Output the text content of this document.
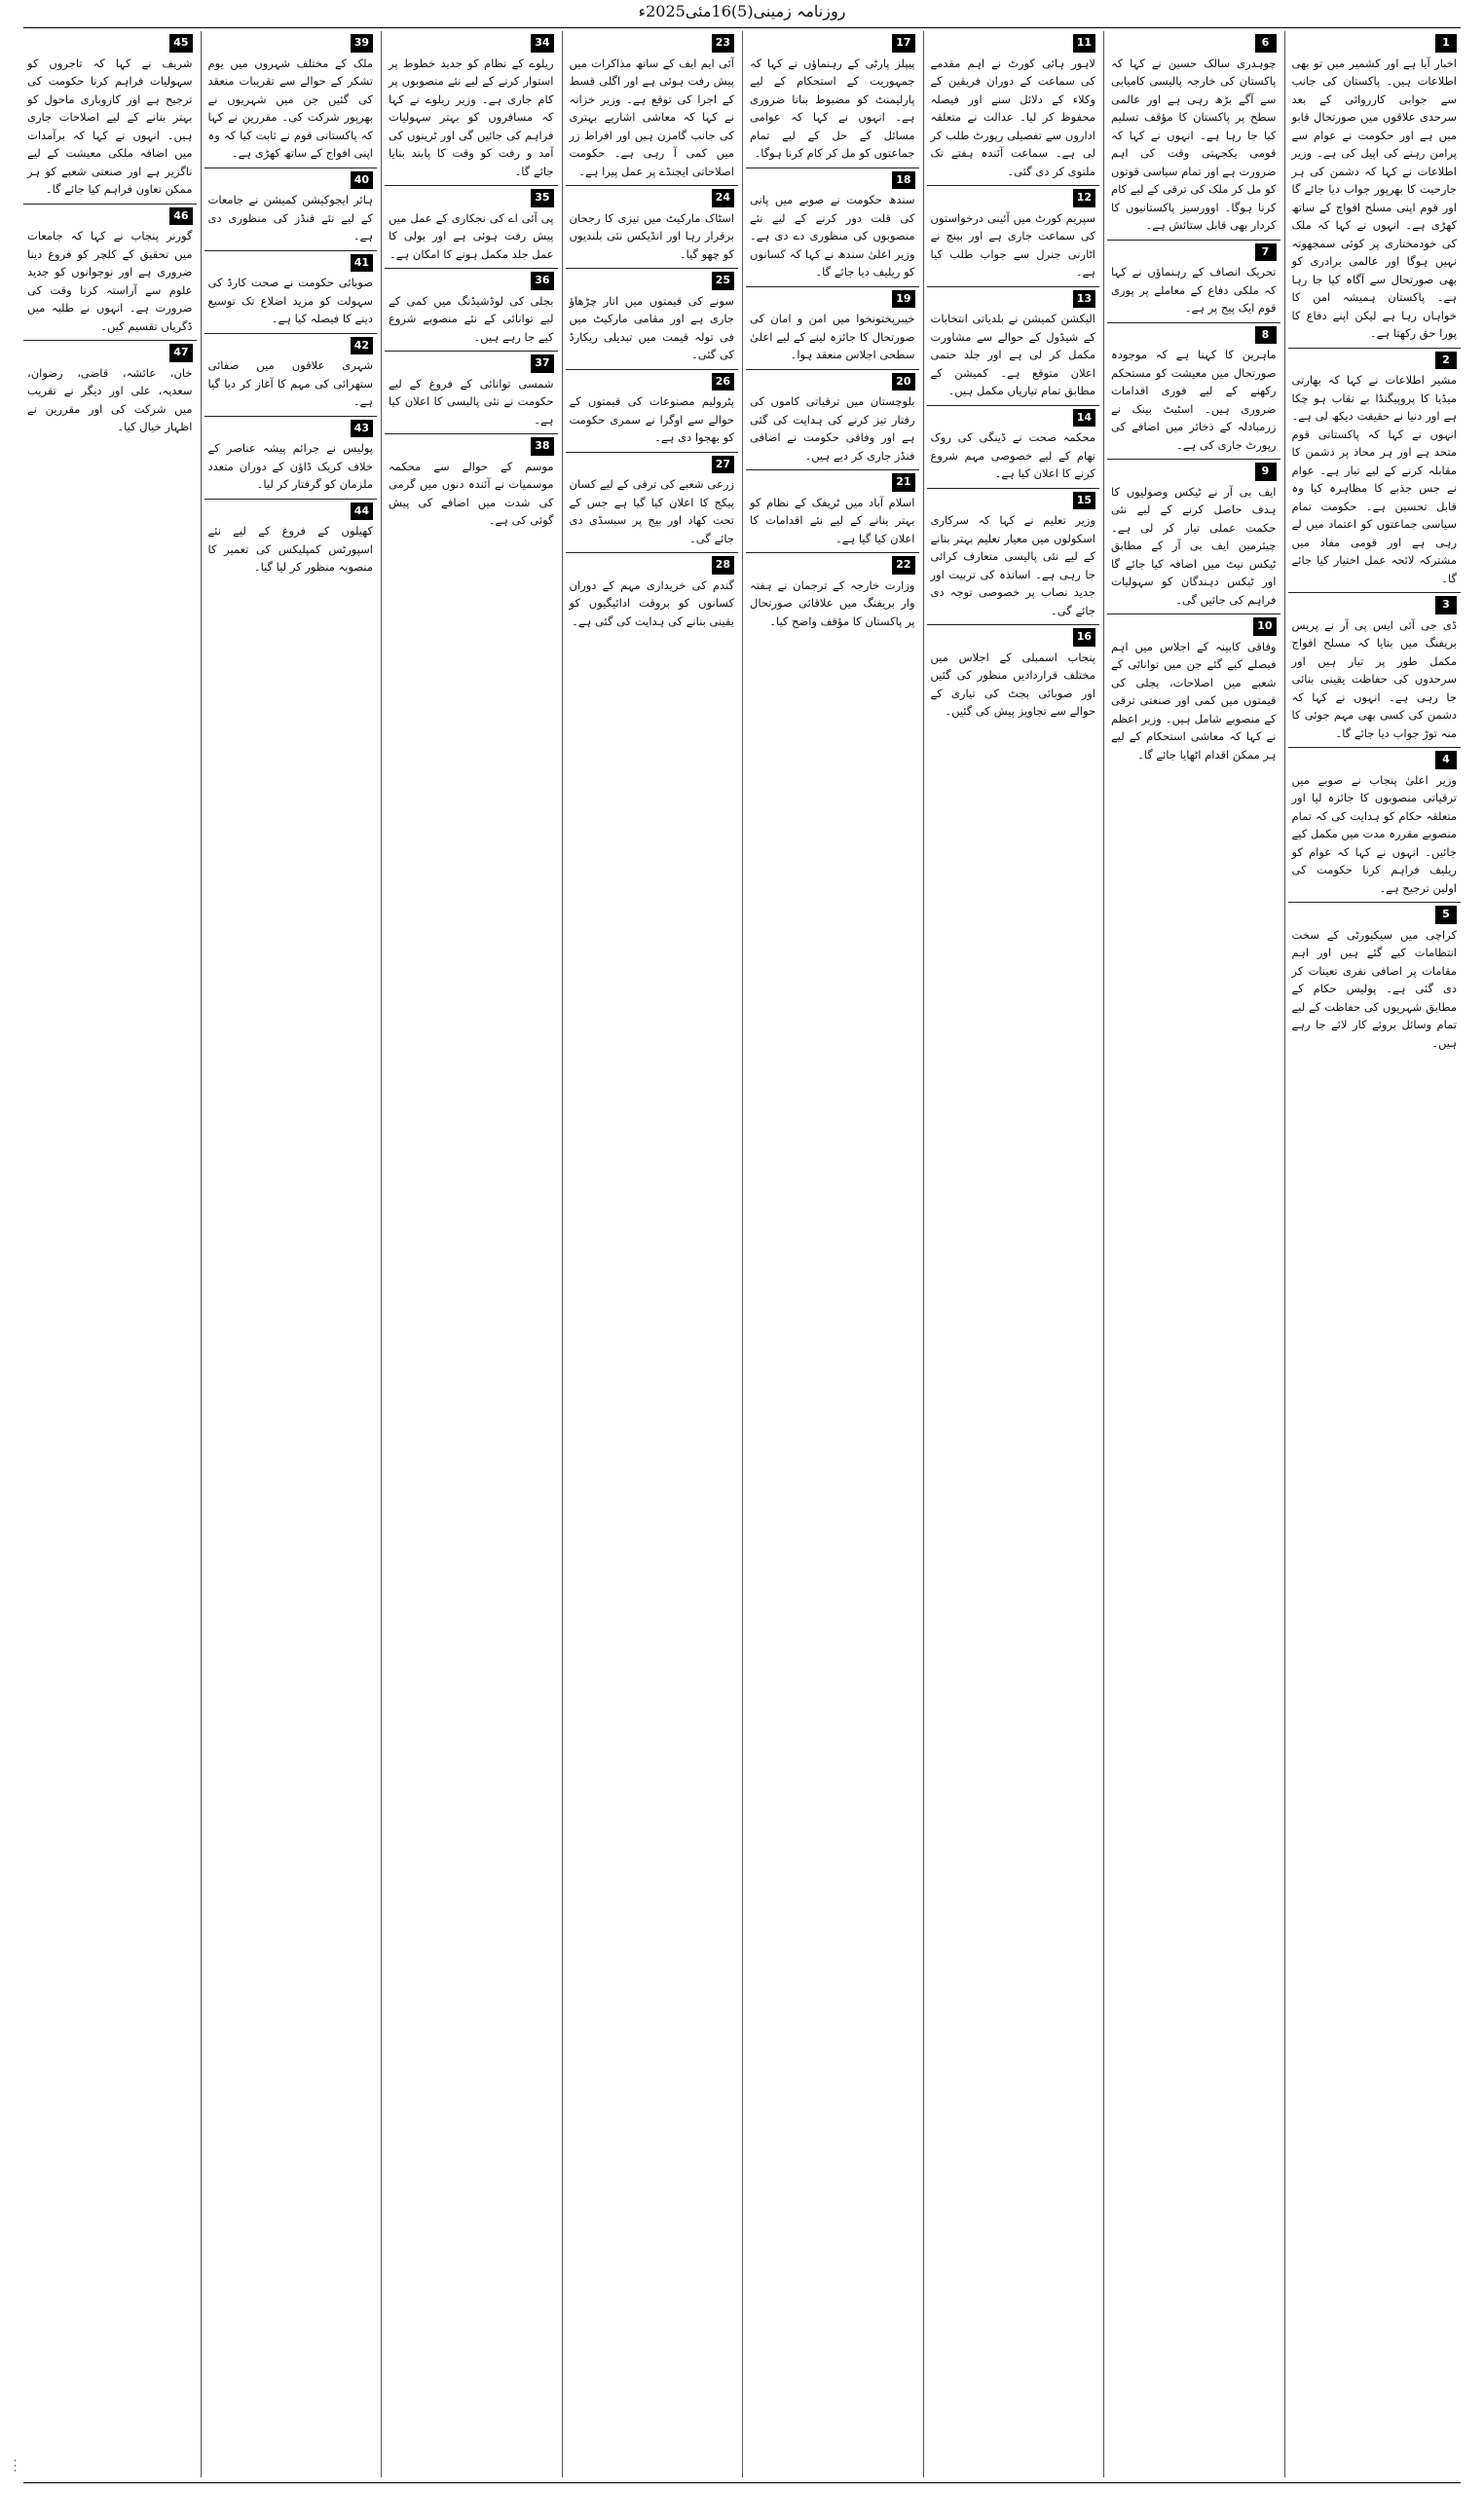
روزنامہ زمینی(5)16مئی2025ء
1
اخبار آیا ہے اور کشمیر میں تو بھی اطلاعات ہیں۔ پاکستان کی جانب سے جوابی کارروائی کے بعد سرحدی علاقوں میں صورتحال قابو میں ہے اور حکومت نے عوام سے پرامن رہنے کی اپیل کی ہے۔ وزیر اطلاعات نے کہا کہ دشمن کی ہر جارحیت کا بھرپور جواب دیا جائے گا اور قوم اپنی مسلح افواج کے ساتھ کھڑی ہے۔ انہوں نے کہا کہ ملک کی خودمختاری پر کوئی سمجھوتہ نہیں ہوگا اور عالمی برادری کو بھی صورتحال سے آگاہ کیا جا رہا ہے۔ پاکستان ہمیشہ امن کا خواہاں رہا ہے لیکن اپنے دفاع کا پورا حق رکھتا ہے۔
2
مشیر اطلاعات نے کہا کہ بھارتی میڈیا کا پروپیگنڈا بے نقاب ہو چکا ہے اور دنیا نے حقیقت دیکھ لی ہے۔ انہوں نے کہا کہ پاکستانی قوم متحد ہے اور ہر محاذ پر دشمن کا مقابلہ کرنے کے لیے تیار ہے۔ عوام نے جس جذبے کا مظاہرہ کیا وہ قابل تحسین ہے۔ حکومت تمام سیاسی جماعتوں کو اعتماد میں لے رہی ہے اور قومی مفاد میں مشترکہ لائحہ عمل اختیار کیا جائے گا۔
3
ڈی جی آئی ایس پی آر نے پریس بریفنگ میں بتایا کہ مسلح افواج مکمل طور پر تیار ہیں اور سرحدوں کی حفاظت یقینی بنائی جا رہی ہے۔ انہوں نے کہا کہ دشمن کی کسی بھی مہم جوئی کا منہ توڑ جواب دیا جائے گا۔
4
وزیر اعلیٰ پنجاب نے صوبے میں ترقیاتی منصوبوں کا جائزہ لیا اور متعلقہ حکام کو ہدایت کی کہ تمام منصوبے مقررہ مدت میں مکمل کیے جائیں۔ انہوں نے کہا کہ عوام کو ریلیف فراہم کرنا حکومت کی اولین ترجیح ہے۔
5
کراچی میں سیکیورٹی کے سخت انتظامات کیے گئے ہیں اور اہم مقامات پر اضافی نفری تعینات کر دی گئی ہے۔ پولیس حکام کے مطابق شہریوں کی حفاظت کے لیے تمام وسائل بروئے کار لائے جا رہے ہیں۔
6
چوہدری سالک حسین نے کہا کہ پاکستان کی خارجہ پالیسی کامیابی سے آگے بڑھ رہی ہے اور عالمی سطح پر پاکستان کا مؤقف تسلیم کیا جا رہا ہے۔ انہوں نے کہا کہ قومی یکجہتی وقت کی اہم ضرورت ہے اور تمام سیاسی قوتوں کو مل کر ملک کی ترقی کے لیے کام کرنا ہوگا۔ اوورسیز پاکستانیوں کا کردار بھی قابل ستائش ہے۔
7
تحریک انصاف کے رہنماؤں نے کہا کہ ملکی دفاع کے معاملے پر پوری قوم ایک پیج پر ہے۔
8
ماہرین کا کہنا ہے کہ موجودہ صورتحال میں معیشت کو مستحکم رکھنے کے لیے فوری اقدامات ضروری ہیں۔ اسٹیٹ بینک نے زرمبادلہ کے ذخائر میں اضافے کی رپورٹ جاری کی ہے۔
9
ایف بی آر نے ٹیکس وصولیوں کا ہدف حاصل کرنے کے لیے نئی حکمت عملی تیار کر لی ہے۔ چیئرمین ایف بی آر کے مطابق ٹیکس نیٹ میں اضافہ کیا جائے گا اور ٹیکس دہندگان کو سہولیات فراہم کی جائیں گی۔
10
وفاقی کابینہ کے اجلاس میں اہم فیصلے کیے گئے جن میں توانائی کے شعبے میں اصلاحات، بجلی کی قیمتوں میں کمی اور صنعتی ترقی کے منصوبے شامل ہیں۔ وزیر اعظم نے کہا کہ معاشی استحکام کے لیے ہر ممکن اقدام اٹھایا جائے گا۔
11
لاہور ہائی کورٹ نے اہم مقدمے کی سماعت کے دوران فریقین کے وکلاء کے دلائل سنے اور فیصلہ محفوظ کر لیا۔ عدالت نے متعلقہ اداروں سے تفصیلی رپورٹ طلب کر لی ہے۔ سماعت آئندہ ہفتے تک ملتوی کر دی گئی۔
12
سپریم کورٹ میں آئینی درخواستوں کی سماعت جاری ہے اور بینچ نے اٹارنی جنرل سے جواب طلب کیا ہے۔
13
الیکشن کمیشن نے بلدیاتی انتخابات کے شیڈول کے حوالے سے مشاورت مکمل کر لی ہے اور جلد حتمی اعلان متوقع ہے۔ کمیشن کے مطابق تمام تیاریاں مکمل ہیں۔
14
محکمہ صحت نے ڈینگی کی روک تھام کے لیے خصوصی مہم شروع کرنے کا اعلان کیا ہے۔
15
وزیر تعلیم نے کہا کہ سرکاری اسکولوں میں معیار تعلیم بہتر بنانے کے لیے نئی پالیسی متعارف کرائی جا رہی ہے۔ اساتذہ کی تربیت اور جدید نصاب پر خصوصی توجہ دی جائے گی۔
16
پنجاب اسمبلی کے اجلاس میں مختلف قراردادیں منظور کی گئیں اور صوبائی بجٹ کی تیاری کے حوالے سے تجاویز پیش کی گئیں۔
17
پیپلز پارٹی کے رہنماؤں نے کہا کہ جمہوریت کے استحکام کے لیے پارلیمنٹ کو مضبوط بنانا ضروری ہے۔ انہوں نے کہا کہ عوامی مسائل کے حل کے لیے تمام جماعتوں کو مل کر کام کرنا ہوگا۔
18
سندھ حکومت نے صوبے میں پانی کی قلت دور کرنے کے لیے نئے منصوبوں کی منظوری دے دی ہے۔ وزیر اعلیٰ سندھ نے کہا کہ کسانوں کو ریلیف دیا جائے گا۔
19
خیبرپختونخوا میں امن و امان کی صورتحال کا جائزہ لینے کے لیے اعلیٰ سطحی اجلاس منعقد ہوا۔
20
بلوچستان میں ترقیاتی کاموں کی رفتار تیز کرنے کی ہدایت کی گئی ہے اور وفاقی حکومت نے اضافی فنڈز جاری کر دیے ہیں۔
21
اسلام آباد میں ٹریفک کے نظام کو بہتر بنانے کے لیے نئے اقدامات کا اعلان کیا گیا ہے۔
22
وزارت خارجہ کے ترجمان نے ہفتہ وار بریفنگ میں علاقائی صورتحال پر پاکستان کا مؤقف واضح کیا۔
23
آئی ایم ایف کے ساتھ مذاکرات میں پیش رفت ہوئی ہے اور اگلی قسط کے اجرا کی توقع ہے۔ وزیر خزانہ نے کہا کہ معاشی اشاریے بہتری کی جانب گامزن ہیں اور افراط زر میں کمی آ رہی ہے۔ حکومت اصلاحاتی ایجنڈے پر عمل پیرا ہے۔
24
اسٹاک مارکیٹ میں تیزی کا رجحان برقرار رہا اور انڈیکس نئی بلندیوں کو چھو گیا۔
25
سونے کی قیمتوں میں اتار چڑھاؤ جاری ہے اور مقامی مارکیٹ میں فی تولہ قیمت میں تبدیلی ریکارڈ کی گئی۔
26
پٹرولیم مصنوعات کی قیمتوں کے حوالے سے اوگرا نے سمری حکومت کو بھجوا دی ہے۔
27
زرعی شعبے کی ترقی کے لیے کسان پیکج کا اعلان کیا گیا ہے جس کے تحت کھاد اور بیج پر سبسڈی دی جائے گی۔
28
گندم کی خریداری مہم کے دوران کسانوں کو بروقت ادائیگیوں کو یقینی بنانے کی ہدایت کی گئی ہے۔
34
ریلوے کے نظام کو جدید خطوط پر استوار کرنے کے لیے نئے منصوبوں پر کام جاری ہے۔ وزیر ریلوے نے کہا کہ مسافروں کو بہتر سہولیات فراہم کی جائیں گی اور ٹرینوں کی آمد و رفت کو وقت کا پابند بنایا جائے گا۔
35
پی آئی اے کی نجکاری کے عمل میں پیش رفت ہوئی ہے اور بولی کا عمل جلد مکمل ہونے کا امکان ہے۔
36
بجلی کی لوڈشیڈنگ میں کمی کے لیے توانائی کے نئے منصوبے شروع کیے جا رہے ہیں۔
37
شمسی توانائی کے فروغ کے لیے حکومت نے نئی پالیسی کا اعلان کیا ہے۔
38
موسم کے حوالے سے محکمہ موسمیات نے آئندہ دنوں میں گرمی کی شدت میں اضافے کی پیش گوئی کی ہے۔
39
ملک کے مختلف شہروں میں یوم تشکر کے حوالے سے تقریبات منعقد کی گئیں جن میں شہریوں نے بھرپور شرکت کی۔ مقررین نے کہا کہ پاکستانی قوم نے ثابت کیا کہ وہ اپنی افواج کے ساتھ کھڑی ہے۔
40
ہائر ایجوکیشن کمیشن نے جامعات کے لیے نئے فنڈز کی منظوری دی ہے۔
41
صوبائی حکومت نے صحت کارڈ کی سہولت کو مزید اضلاع تک توسیع دینے کا فیصلہ کیا ہے۔
42
شہری علاقوں میں صفائی ستھرائی کی مہم کا آغاز کر دیا گیا ہے۔
43
پولیس نے جرائم پیشہ عناصر کے خلاف کریک ڈاؤن کے دوران متعدد ملزمان کو گرفتار کر لیا۔
44
کھیلوں کے فروغ کے لیے نئے اسپورٹس کمپلیکس کی تعمیر کا منصوبہ منظور کر لیا گیا۔
45
شریف نے کہا کہ تاجروں کو سہولیات فراہم کرنا حکومت کی ترجیح ہے اور کاروباری ماحول کو بہتر بنانے کے لیے اصلاحات جاری ہیں۔ انہوں نے کہا کہ برآمدات میں اضافہ ملکی معیشت کے لیے ناگزیر ہے اور صنعتی شعبے کو ہر ممکن تعاون فراہم کیا جائے گا۔
46
گورنر پنجاب نے کہا کہ جامعات میں تحقیق کے کلچر کو فروغ دینا ضروری ہے اور نوجوانوں کو جدید علوم سے آراستہ کرنا وقت کی ضرورت ہے۔ انہوں نے طلبہ میں ڈگریاں تقسیم کیں۔
47
خان، عائشہ، قاضی، رضوان، سعدیہ، علی اور دیگر نے تقریب میں شرکت کی اور مقررین نے اظہار خیال کیا۔
۔۔۔
